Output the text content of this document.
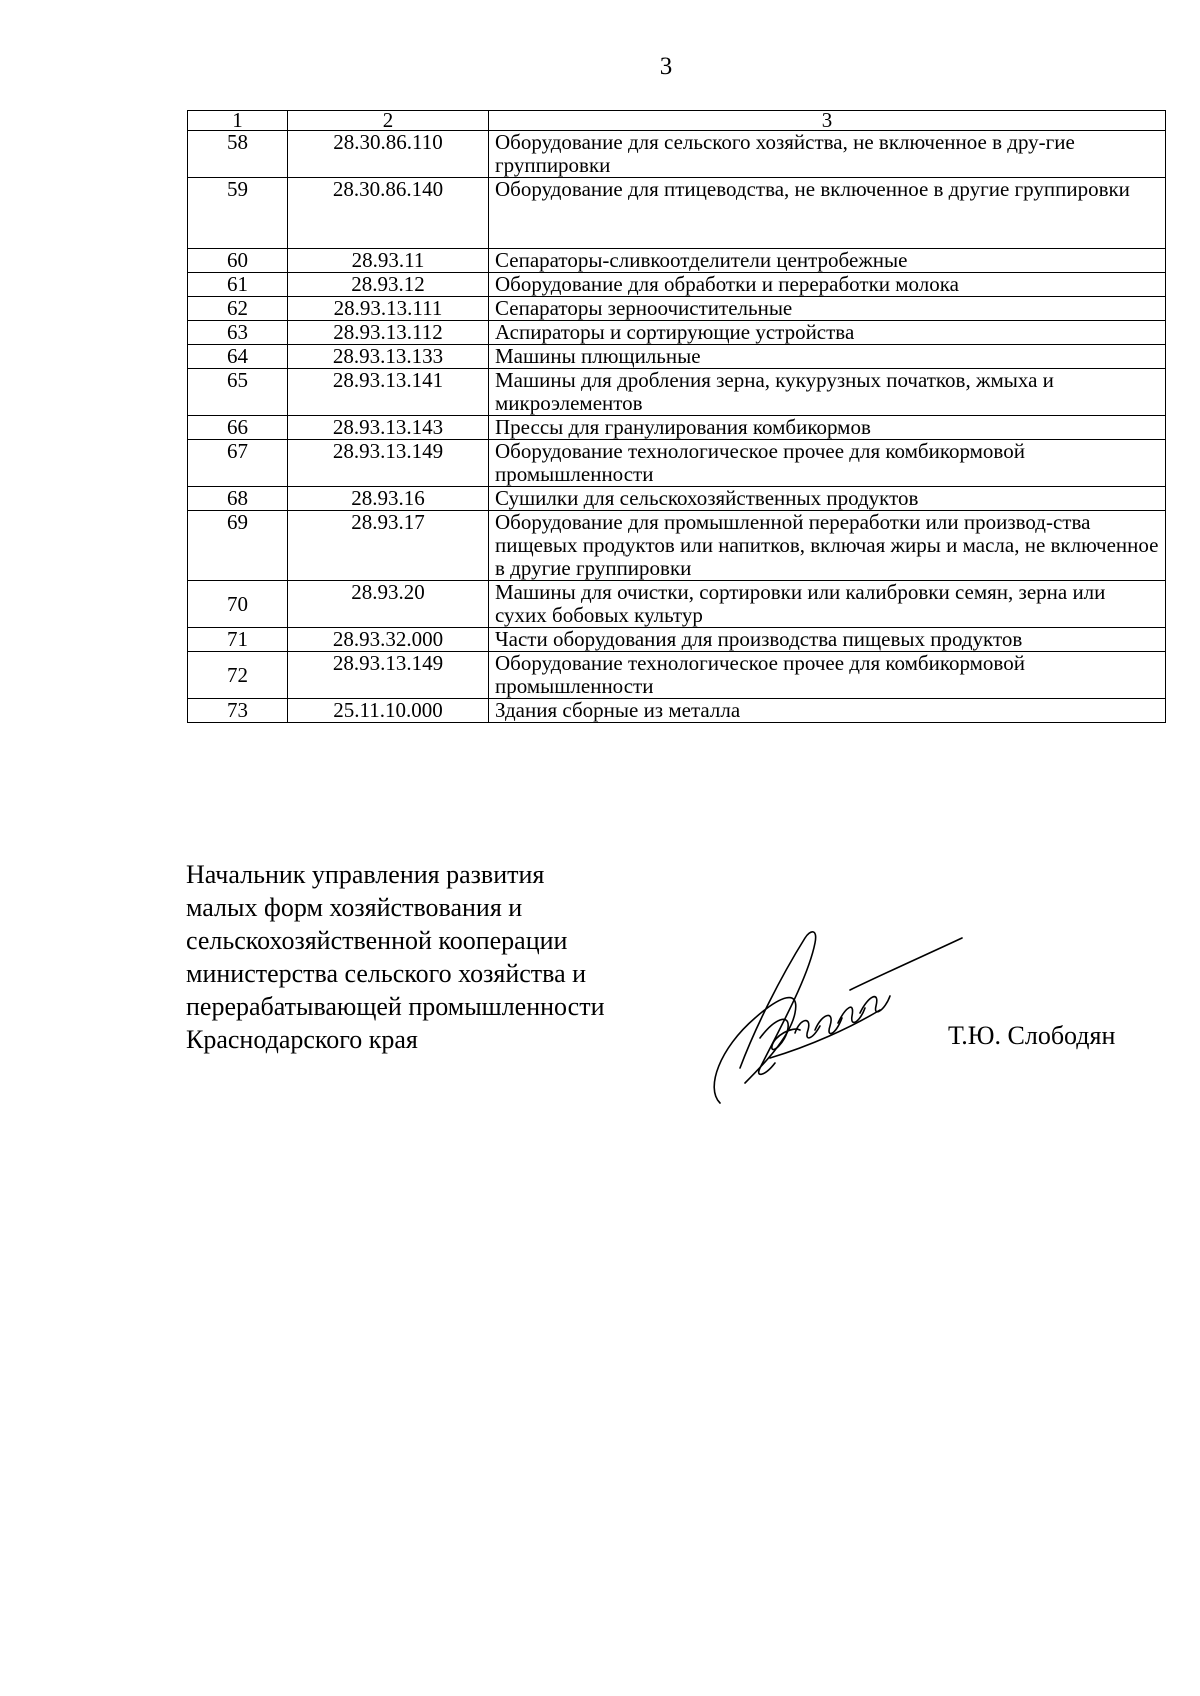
3
1	2	3
58	28.30.86.110	Оборудование для сельского хозяйства, не включенное в дру-гие группировки
59	28.30.86.140	Оборудование для птицеводства, не включенное в другие группировки
60	28.93.11	Сепараторы-сливкоотделители центробежные
61	28.93.12	Оборудование для обработки и переработки молока
62	28.93.13.111	Сепараторы зерноочистительные
63	28.93.13.112	Аспираторы и сортирующие устройства
64	28.93.13.133	Машины плющильные
65	28.93.13.141	Машины для дробления зерна, кукурузных початков, жмыха и микроэлементов
66	28.93.13.143	Прессы для гранулирования комбикормов
67	28.93.13.149	Оборудование технологическое прочее для комбикормовой промышленности
68	28.93.16	Сушилки для сельскохозяйственных продуктов
69	28.93.17	Оборудование для промышленной переработки или производ-ства пищевых продуктов или напитков, включая жиры и масла, не включенное в другие группировки
70	28.93.20	Машины для очистки, сортировки или калибровки семян, зерна или сухих бобовых культур
71	28.93.32.000	Части оборудования для производства пищевых продуктов
72	28.93.13.149	Оборудование технологическое прочее для комбикормовой промышленности
73	25.11.10.000	Здания сборные из металла
Начальник управления развития
малых форм хозяйствования и
сельскохозяйственной кооперации
министерства сельского хозяйства и
перерабатывающей промышленности
Краснодарского края	Т.Ю. Слободян
